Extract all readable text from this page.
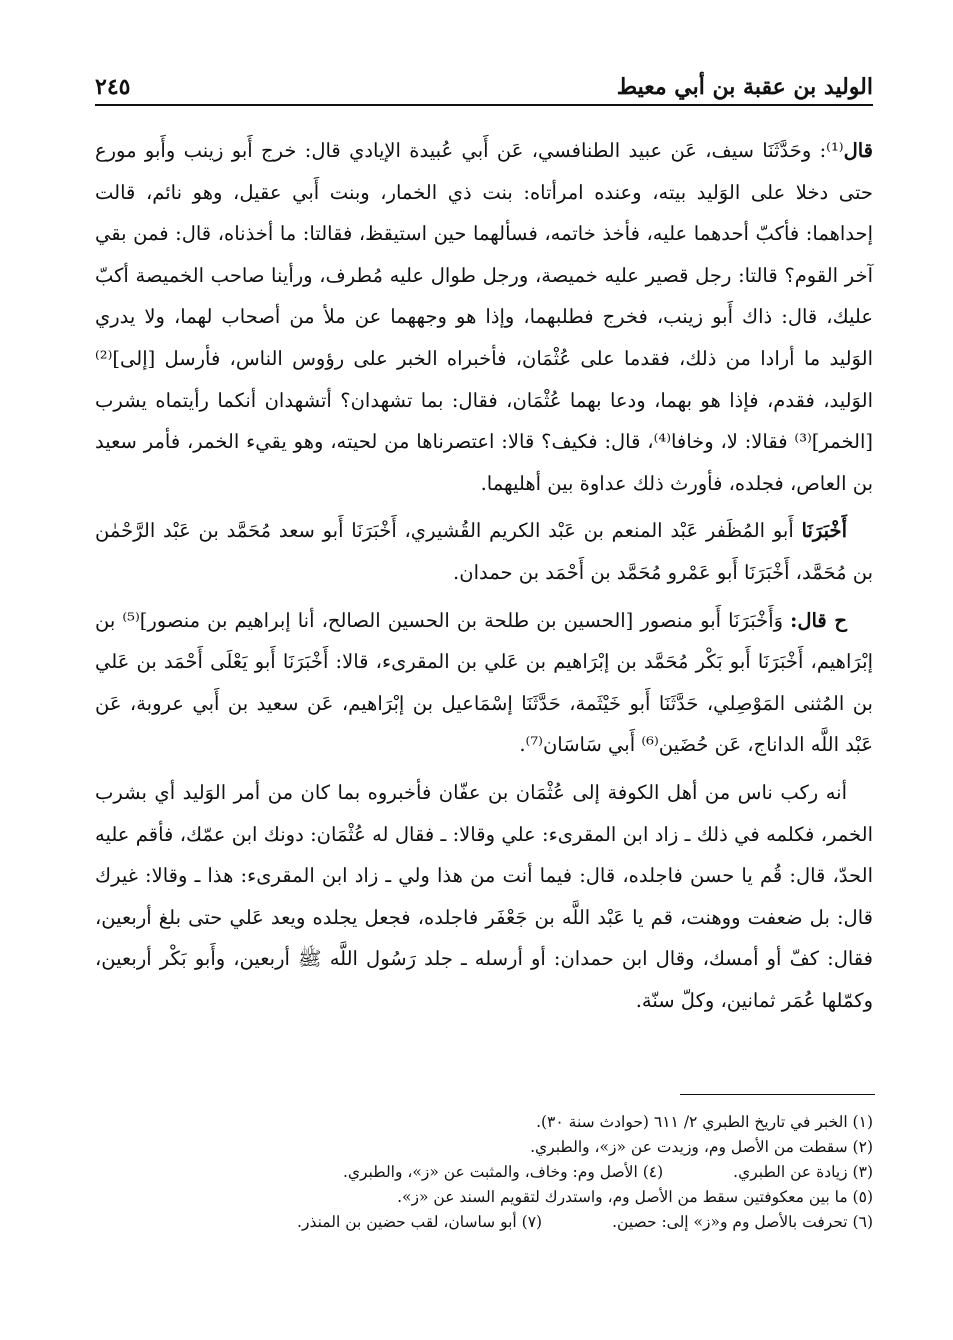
٢٤٥	الوليد بن عقبة بن أبي معيط

قال⁽¹⁾: وحَدَّثَنَا سيف، عَن عبيد الطنافسي، عَن أَبي عُبيدة الإيادي قال: خرج أَبو زينب وأَبو مورع حتى دخلا على الوَليد بيته، وعنده امرأتاه: بنت ذي الخمار، وبنت أَبي عقيل، وهو نائم، قالت إحداهما: فأكبّ أحدهما عليه، فأخذ خاتمه، فسألهما حين استيقظ، فقالتا: ما أخذناه، قال: فمن بقي آخر القوم؟ قالتا: رجل قصير عليه خميصة، ورجل طوال عليه مُطرف، ورأينا صاحب الخميصة أكبّ عليك، قال: ذاك أَبو زينب، فخرج فطلبهما، وإذا هو وجههما عن ملأ من أصحاب لهما، ولا يدري الوَليد ما أرادا من ذلك، فقدما على عُثْمَان، فأخبراه الخبر على رؤوس الناس، فأرسل [إلى]⁽²⁾ الوَليد، فقدم، فإذا هو بهما، ودعا بهما عُثْمَان، فقال: بما تشهدان؟ أتشهدان أنكما رأيتماه يشرب [الخمر]⁽³⁾ فقالا: لا، وخافا⁽⁴⁾، قال: فكيف؟ قالا: اعتصرناها من لحيته، وهو يقيء الخمر، فأمر سعيد بن العاص، فجلده، فأورث ذلك عداوة بين أهليهما.

أَخْبَرَنَا أَبو المُظَفر عَبْد المنعم بن عَبْد الكريم القُشيري، أَخْبَرَنَا أَبو سعد مُحَمَّد بن عَبْد الرَّحْمٰن بن مُحَمَّد، أَخْبَرَنَا أَبو عَمْرو مُحَمَّد بن أَحْمَد بن حمدان.

ح قال: وَأَخْبَرَنَا أَبو منصور [الحسين بن طلحة بن الحسين الصالح، أنا إبراهيم بن منصور]⁽⁵⁾ بن إبْرَاهيم، أَخْبَرَنَا أَبو بَكْر مُحَمَّد بن إبْرَاهيم بن عَلي بن المقرىء، قالا: أَخْبَرَنَا أَبو يَعْلَى أَحْمَد بن عَلي بن المُثنى المَوْصِلي، حَدَّثَنَا أَبو خَيْثَمة، حَدَّثَنَا إسْمَاعيل بن إبْرَاهيم، عَن سعيد بن أَبي عروبة، عَن عَبْد اللَّه الداناج، عَن حُضَين⁽⁶⁾ أَبي سَاسَان⁽⁷⁾.

أنه ركب ناس من أهل الكوفة إلى عُثْمَان بن عفّان فأخبروه بما كان من أمر الوَليد أي بشرب الخمر، فكلمه في ذلك ـ زاد ابن المقرىء: علي وقالا: ـ فقال له عُثْمَان: دونك ابن عمّك، فأقم عليه الحدّ، قال: قُم يا حسن فاجلده، قال: فيما أنت من هذا ولي ـ زاد ابن المقرىء: هذا ـ وقالا: غيرك قال: بل ضعفت ووهنت، قم يا عَبْد اللَّه بن جَعْفَر فاجلده، فجعل يجلده ويعد عَلي حتى بلغ أربعين، فقال: كفّ أو أمسك، وقال ابن حمدان: أو أرسله ـ جلد رَسُول اللَّه ﷺ أربعين، وأَبو بَكْر أربعين، وكمّلها عُمَر ثمانين، وكلّ سنّة.

(١) الخبر في تاريخ الطبري ٢/ ٦١١ (حوادث سنة ٣٠).
(٢) سقطت من الأصل وم، وزيدت عن «ز»، والطبري.
(٣) زيادة عن الطبري.
(٤) الأصل وم: وخاف، والمثبت عن «ز»، والطبري.
(٥) ما بين معكوفتين سقط من الأصل وم، واستدرك لتقويم السند عن «ز».
(٦) تحرفت بالأصل وم و«ز» إلى: حصين.
(٧) أبو ساسان، لقب حضين بن المنذر.
